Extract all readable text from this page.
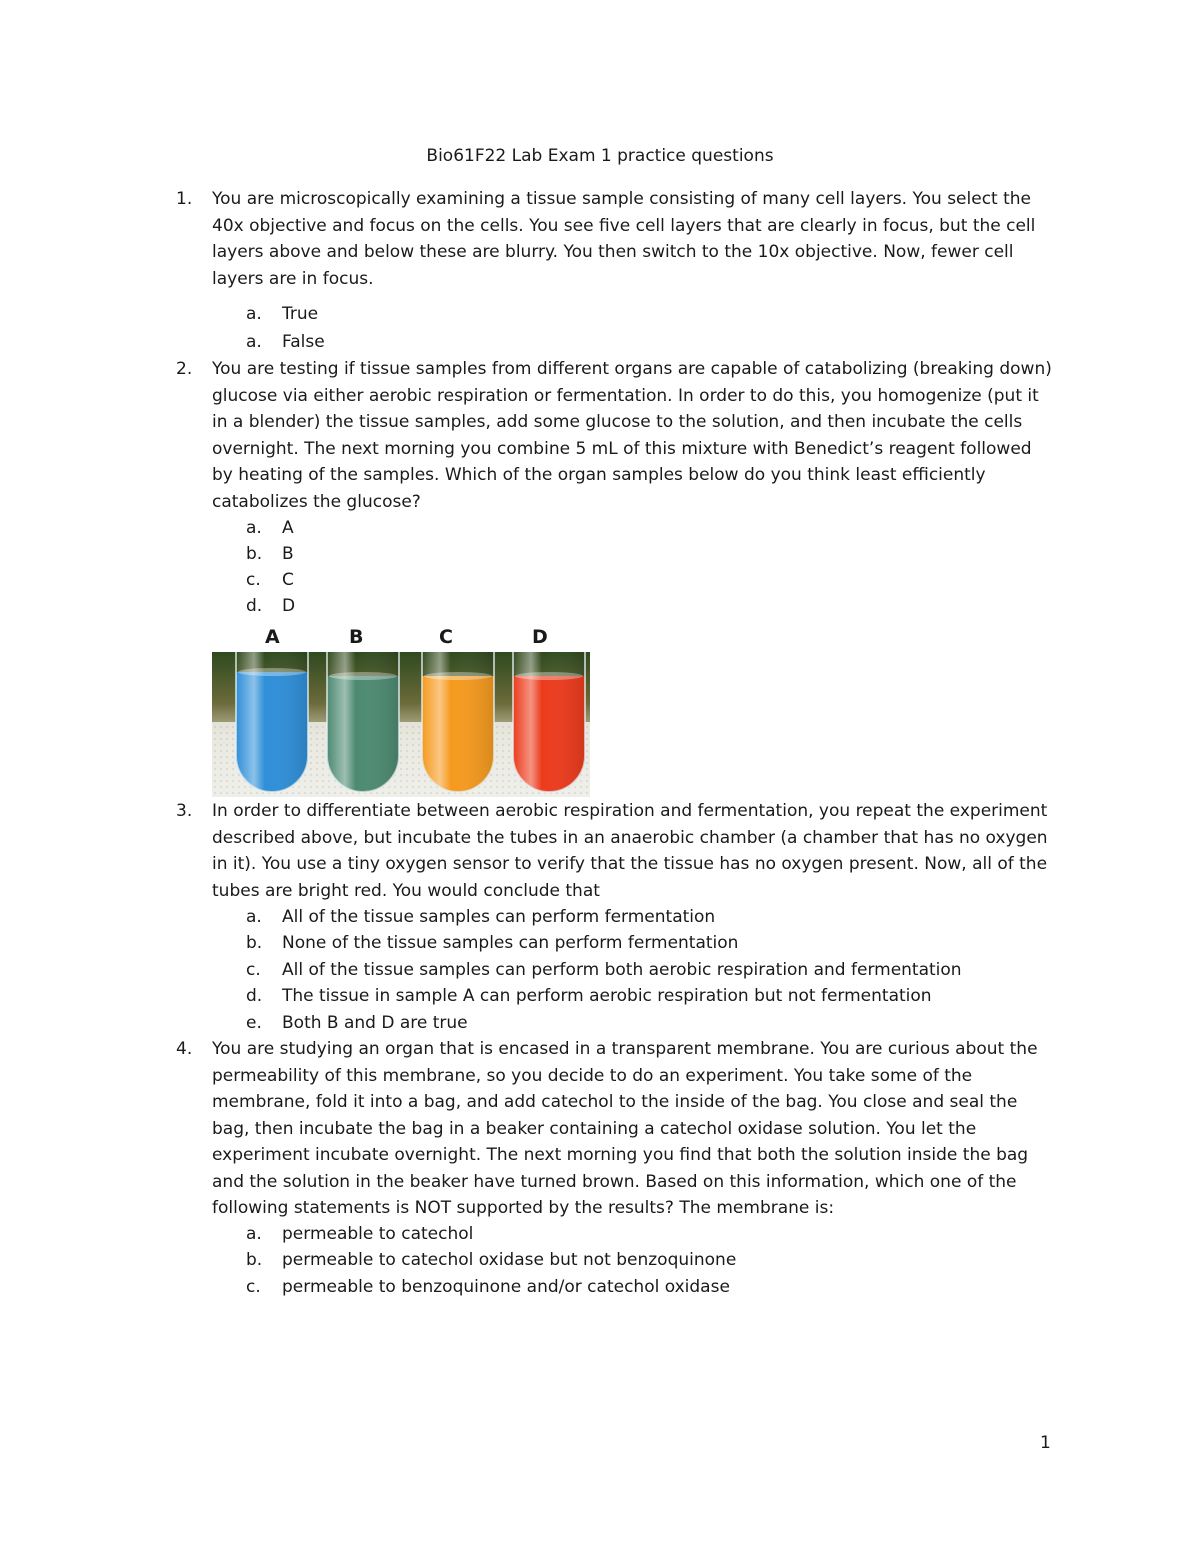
Bio61F22 Lab Exam 1 practice questions
1. You are microscopically examining a tissue sample consisting of many cell layers. You select the 40x objective and focus on the cells. You see five cell layers that are clearly in focus, but the cell layers above and below these are blurry. You then switch to the 10x objective. Now, fewer cell layers are in focus.
a. True
a. False
2. You are testing if tissue samples from different organs are capable of catabolizing (breaking down) glucose via either aerobic respiration or fermentation. In order to do this, you homogenize (put it in a blender) the tissue samples, add some glucose to the solution, and then incubate the cells overnight. The next morning you combine 5 mL of this mixture with Benedict’s reagent followed by heating of the samples. Which of the organ samples below do you think least efficiently catabolizes the glucose?
a. A
b. B
c. C
d. D
A	B	C	D
3. In order to differentiate between aerobic respiration and fermentation, you repeat the experiment described above, but incubate the tubes in an anaerobic chamber (a chamber that has no oxygen in it). You use a tiny oxygen sensor to verify that the tissue has no oxygen present. Now, all of the tubes are bright red. You would conclude that
a. All of the tissue samples can perform fermentation
b. None of the tissue samples can perform fermentation
c. All of the tissue samples can perform both aerobic respiration and fermentation
d. The tissue in sample A can perform aerobic respiration but not fermentation
e. Both B and D are true
4. You are studying an organ that is encased in a transparent membrane. You are curious about the permeability of this membrane, so you decide to do an experiment. You take some of the membrane, fold it into a bag, and add catechol to the inside of the bag. You close and seal the bag, then incubate the bag in a beaker containing a catechol oxidase solution. You let the experiment incubate overnight. The next morning you find that both the solution inside the bag and the solution in the beaker have turned brown. Based on this information, which one of the following statements is NOT supported by the results? The membrane is:
a. permeable to catechol
b. permeable to catechol oxidase but not benzoquinone
c. permeable to benzoquinone and/or catechol oxidase
1
